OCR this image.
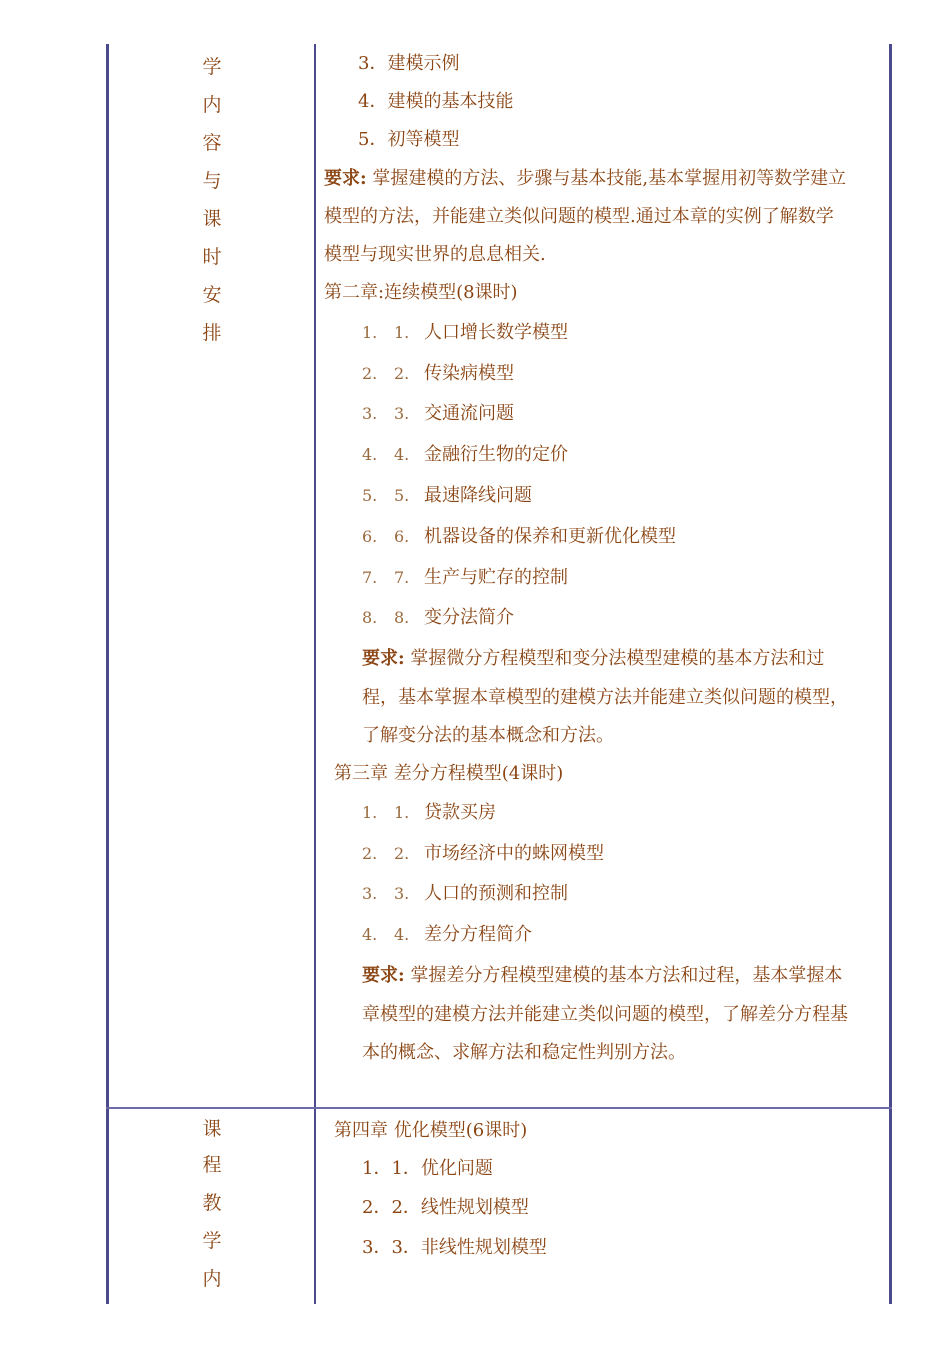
学
内
容
与
课
时
安
排
课
程
教
学
内
3．建模示例
4．建模的基本技能
5．初等模型
要求: 掌握建模的方法、步骤与基本技能,基本掌握用初等数学建立
模型的方法，并能建立类似问题的模型.通过本章的实例了解数学
模型与现实世界的息息相关.
第二章:连续模型(8课时)
1. 1. 人口增长数学模型
2. 2. 传染病模型
3. 3. 交通流问题
4. 4. 金融衍生物的定价
5. 5. 最速降线问题
6. 6. 机器设备的保养和更新优化模型
7. 7. 生产与贮存的控制
8. 8. 变分法简介
要求: 掌握微分方程模型和变分法模型建模的基本方法和过
程，基本掌握本章模型的建模方法并能建立类似问题的模型，
了解变分法的基本概念和方法。
第三章 差分方程模型(4课时)
1. 1. 贷款买房
2. 2. 市场经济中的蛛网模型
3. 3. 人口的预测和控制
4. 4. 差分方程简介
要求: 掌握差分方程模型建模的基本方法和过程，基本掌握本
章模型的建模方法并能建立类似问题的模型，了解差分方程基
本的概念、求解方法和稳定性判别方法。
第四章 优化模型(6课时)
1．1．优化问题
2．2．线性规划模型
3．3．非线性规划模型
